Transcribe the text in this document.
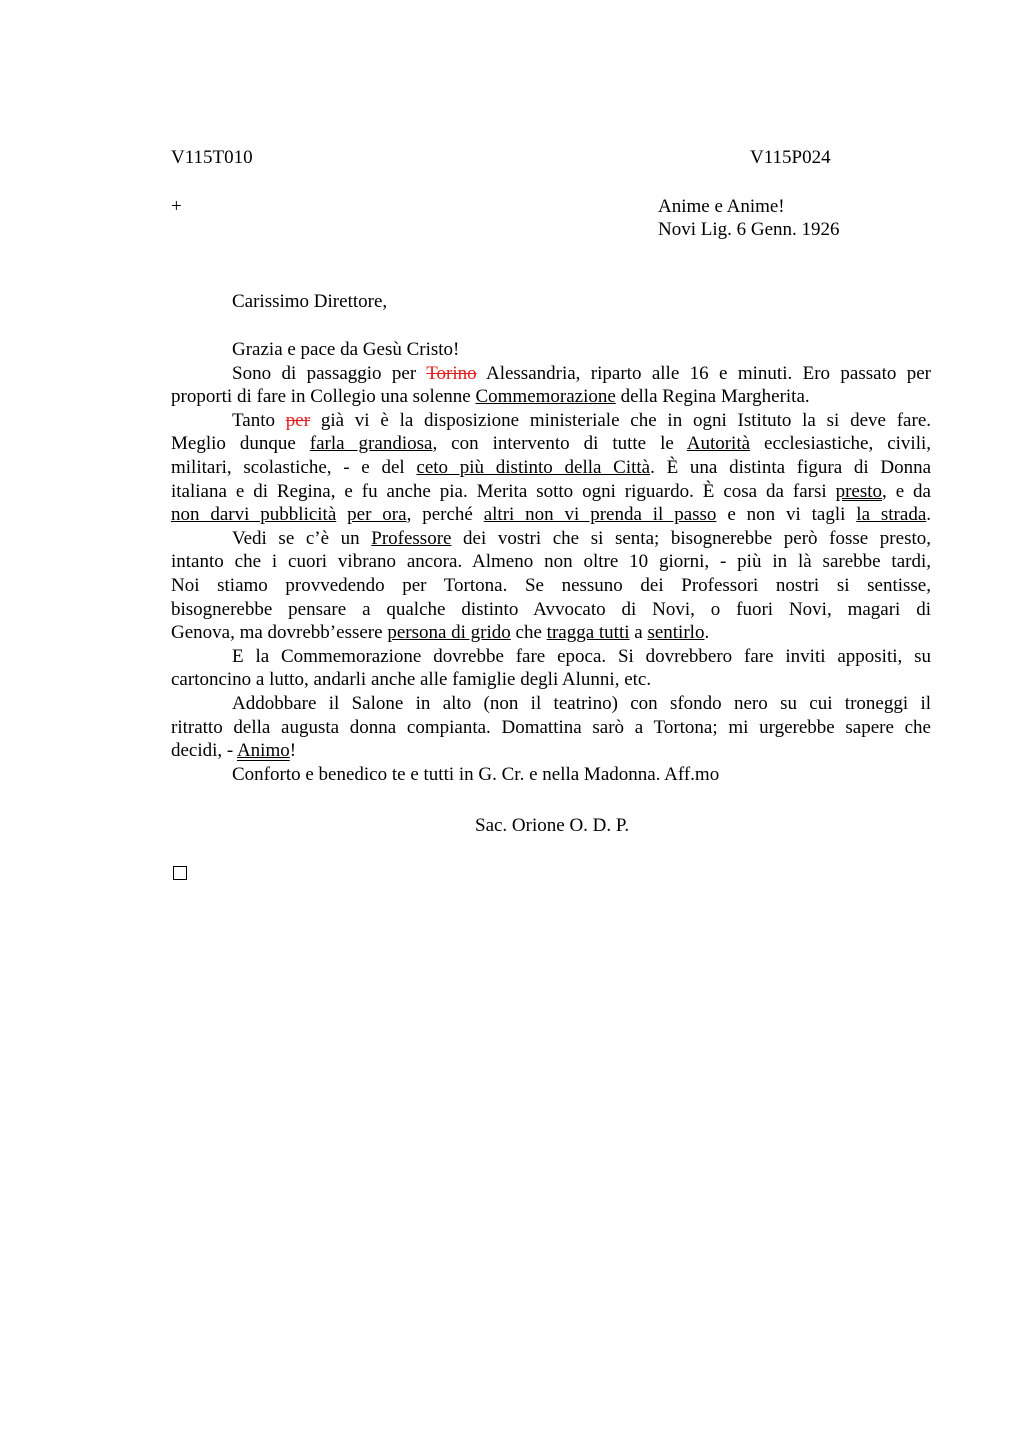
V115T010	V115P024
+	Anime e Anime!
Novi Lig. 6 Genn. 1926
Carissimo Direttore,
Grazia e pace da Gesù Cristo!
Sono di passaggio per Torino Alessandria, riparto alle 16 e minuti. Ero passato per
proporti di fare in Collegio una solenne Commemorazione della Regina Margherita.
Tanto per già vi è la disposizione ministeriale che in ogni Istituto la si deve fare.
Meglio dunque farla grandiosa, con intervento di tutte le Autorità ecclesiastiche, civili,
militari, scolastiche, - e del ceto più distinto della Città. È una distinta figura di Donna
italiana e di Regina, e fu anche pia. Merita sotto ogni riguardo. È cosa da farsi presto, e da
non darvi pubblicità per ora, perché altri non vi prenda il passo e non vi tagli la strada.
Vedi se c’è un Professore dei vostri che si senta; bisognerebbe però fosse presto,
intanto che i cuori vibrano ancora. Almeno non oltre 10 giorni, - più in là sarebbe tardi,
Noi stiamo provvedendo per Tortona. Se nessuno dei Professori nostri si sentisse,
bisognerebbe pensare a qualche distinto Avvocato di Novi, o fuori Novi, magari di
Genova, ma dovrebb’essere persona di grido che tragga tutti a sentirlo.
E la Commemorazione dovrebbe fare epoca. Si dovrebbero fare inviti appositi, su
cartoncino a lutto, andarli anche alle famiglie degli Alunni, etc.
Addobbare il Salone in alto (non il teatrino) con sfondo nero su cui troneggi il
ritratto della augusta donna compianta. Domattina sarò a Tortona; mi urgerebbe sapere che
decidi, - Animo!
Conforto e benedico te e tutti in G. Cr. e nella Madonna. Aff.mo
Sac. Orione O. D. P.
